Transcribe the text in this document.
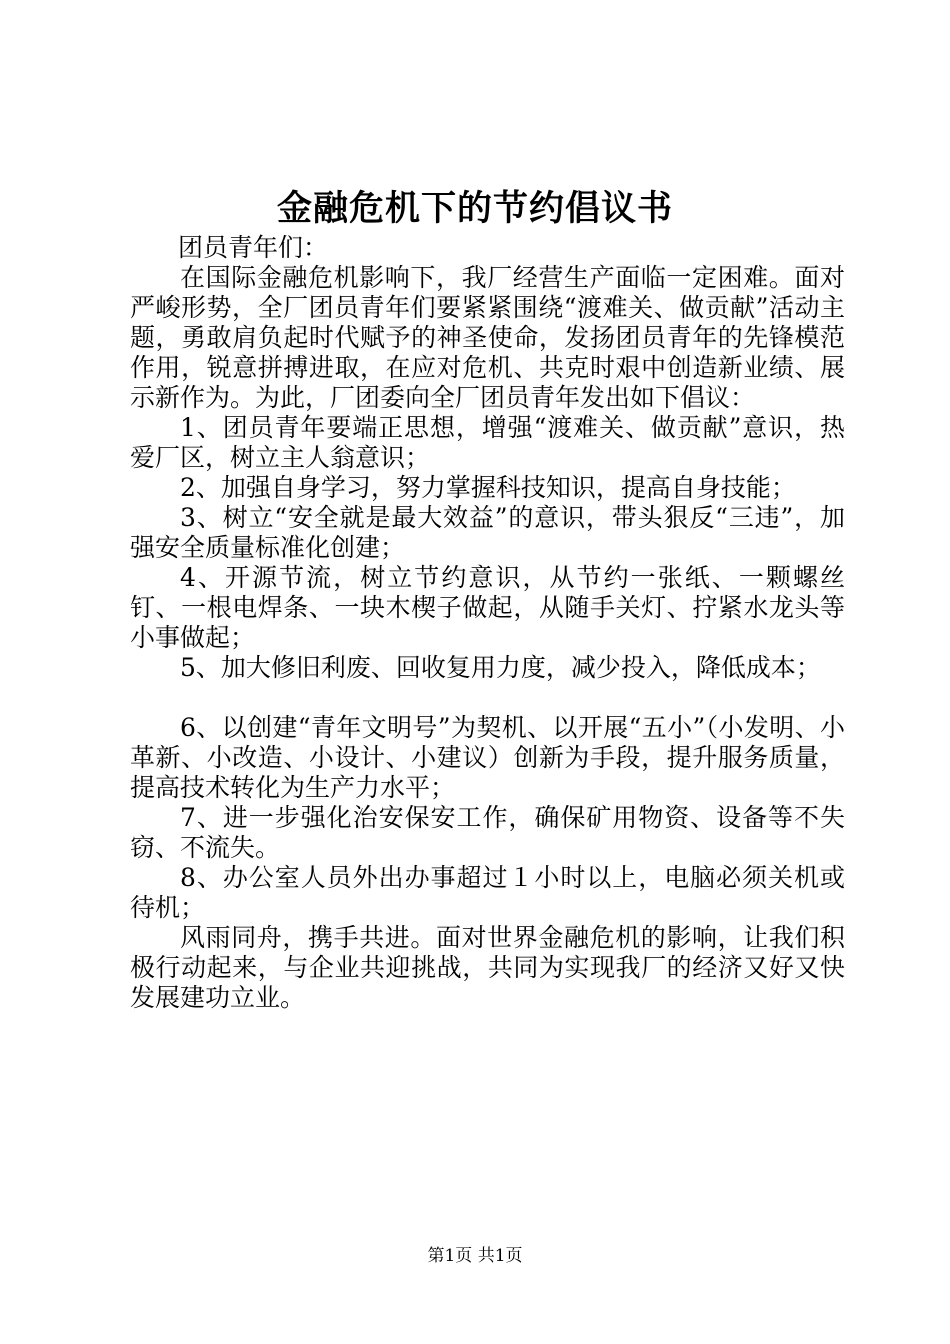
金融危机下的节约倡议书

团员青年们：

在国际金融危机影响下，我厂经营生产面临一定困难。面对严峻形势，全厂团员青年们要紧紧围绕“渡难关、做贡献”活动主题，勇敢肩负起时代赋予的神圣使命，发扬团员青年的先锋模范作用，锐意拼搏进取，在应对危机、共克时艰中创造新业绩、展示新作为。为此，厂团委向全厂团员青年发出如下倡议：

1、团员青年要端正思想，增强“渡难关、做贡献”意识，热爱厂区，树立主人翁意识；

2、加强自身学习，努力掌握科技知识，提高自身技能；

3、树立“安全就是最大效益”的意识，带头狠反“三违”，加强安全质量标准化创建；

4、开源节流，树立节约意识，从节约一张纸、一颗螺丝钉、一根电焊条、一块木楔子做起，从随手关灯、拧紧水龙头等小事做起；

5、加大修旧利废、回收复用力度，减少投入，降低成本；

6、以创建“青年文明号”为契机、以开展“五小”（小发明、小革新、小改造、小设计、小建议）创新为手段，提升服务质量，提高技术转化为生产力水平；

7、进一步强化治安保安工作，确保矿用物资、设备等不失窃、不流失。

8、办公室人员外出办事超过１小时以上，电脑必须关机或待机；

风雨同舟，携手共进。面对世界金融危机的影响，让我们积极行动起来，与企业共迎挑战，共同为实现我厂的经济又好又快发展建功立业。

第1页 共1页
